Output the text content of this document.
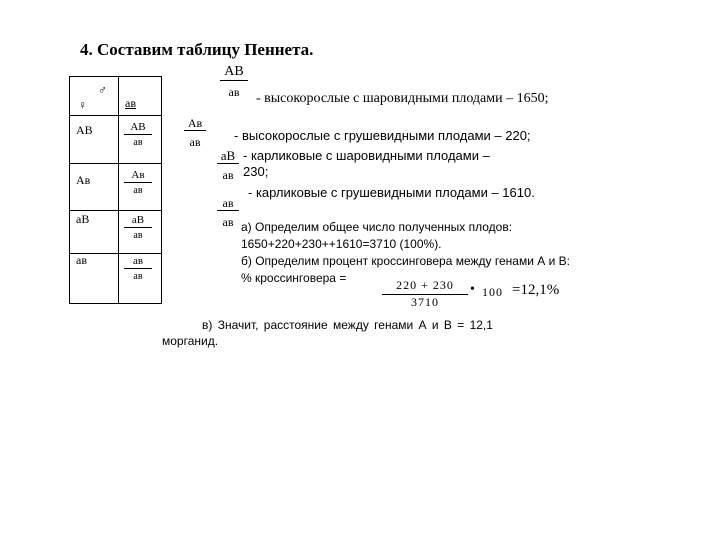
4. Составим таблицу Пеннета.
♂
♀	ав
АВ	АВ
ав
Ав	Ав
ав
аВ	аВ
ав
ав	ав
ав
АВ
ав	- высокорослые с шаровидными плодами – 1650;
Ав
ав	- высокорослые с грушевидными плодами – 220;
аВ
ав
- карликовые с шаровидными плодами –
230;
ав
ав
- карликовые с грушевидными плодами – 1610.
а) Определим общее число полученных плодов:
1650+220+230++1610=3710 (100%).
б) Определим процент кроссинговера между генами А и В:
% кроссинговера =	$\frac{220 + 230}{3710}$ • 100 =12,1%
в) Значит, расстояние между генами А и В = 12,1
морганид.
